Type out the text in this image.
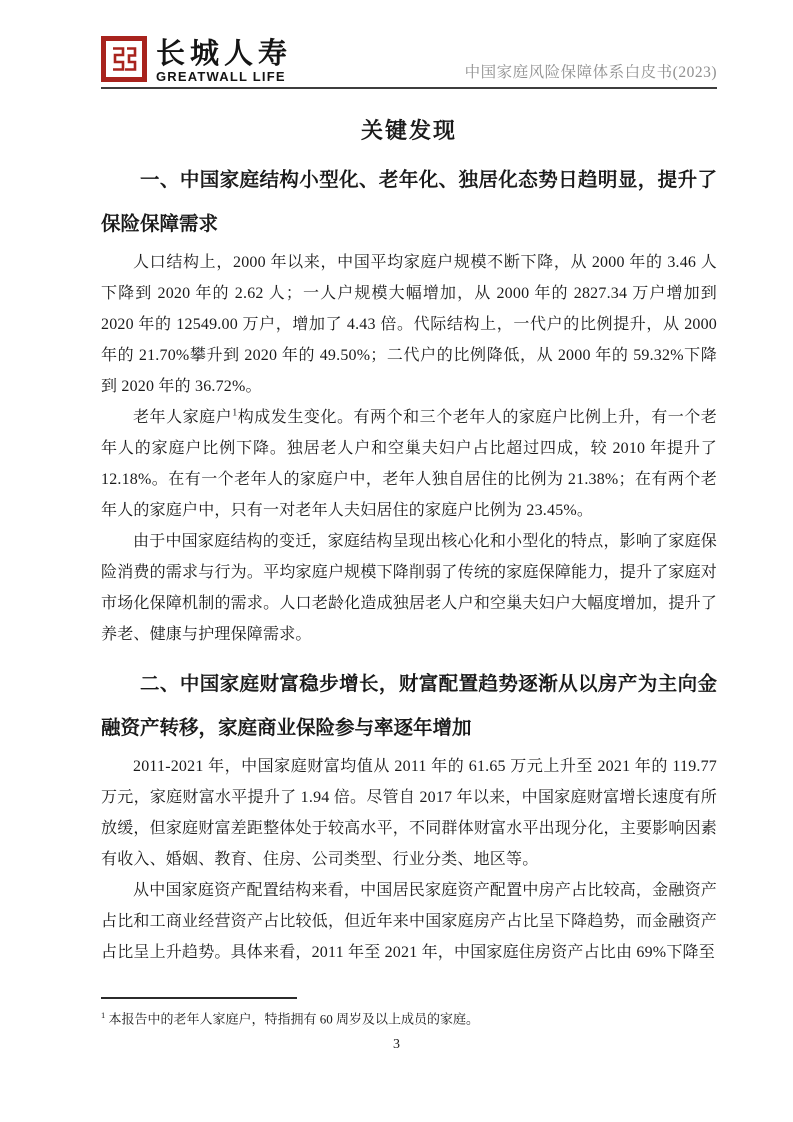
长城人寿
GREATWALL LIFE	中国家庭风险保障体系白皮书(2023)
关键发现
一、中国家庭结构小型化、老年化、独居化态势日趋明显，提升了保险保障需求

人口结构上，2000 年以来，中国平均家庭户规模不断下降，从 2000 年的 3.46 人下降到 2020 年的 2.62 人；一人户规模大幅增加，从 2000 年的 2827.34 万户增加到 2020 年的 12549.00 万户，增加了 4.43 倍。代际结构上，一代户的比例提升，从 2000 年的 21.70%攀升到 2020 年的 49.50%；二代户的比例降低，从 2000 年的 59.32%下降到 2020 年的 36.72%。

老年人家庭户$^1$构成发生变化。有两个和三个老年人的家庭户比例上升，有一个老年人的家庭户比例下降。独居老人户和空巢夫妇户占比超过四成，较 2010 年提升了 12.18%。在有一个老年人的家庭户中，老年人独自居住的比例为 21.38%；在有两个老年人的家庭户中，只有一对老年人夫妇居住的家庭户比例为 23.45%。

由于中国家庭结构的变迁，家庭结构呈现出核心化和小型化的特点，影响了家庭保险消费的需求与行为。平均家庭户规模下降削弱了传统的家庭保障能力，提升了家庭对市场化保障机制的需求。人口老龄化造成独居老人户和空巢夫妇户大幅度增加，提升了养老、健康与护理保障需求。

二、中国家庭财富稳步增长，财富配置趋势逐渐从以房产为主向金融资产转移，家庭商业保险参与率逐年增加

2011-2021 年，中国家庭财富均值从 2011 年的 61.65 万元上升至 2021 年的 119.77 万元，家庭财富水平提升了 1.94 倍。尽管自 2017 年以来，中国家庭财富增长速度有所放缓，但家庭财富差距整体处于较高水平，不同群体财富水平出现分化，主要影响因素有收入、婚姻、教育、住房、公司类型、行业分类、地区等。

从中国家庭资产配置结构来看，中国居民家庭资产配置中房产占比较高，金融资产占比和工商业经营资产占比较低，但近年来中国家庭房产占比呈下降趋势，而金融资产占比呈上升趋势。具体来看，2011 年至 2021 年，中国家庭住房资产占比由 69%下降至

$^1$ 本报告中的老年人家庭户，特指拥有 60 周岁及以上成员的家庭。
3
